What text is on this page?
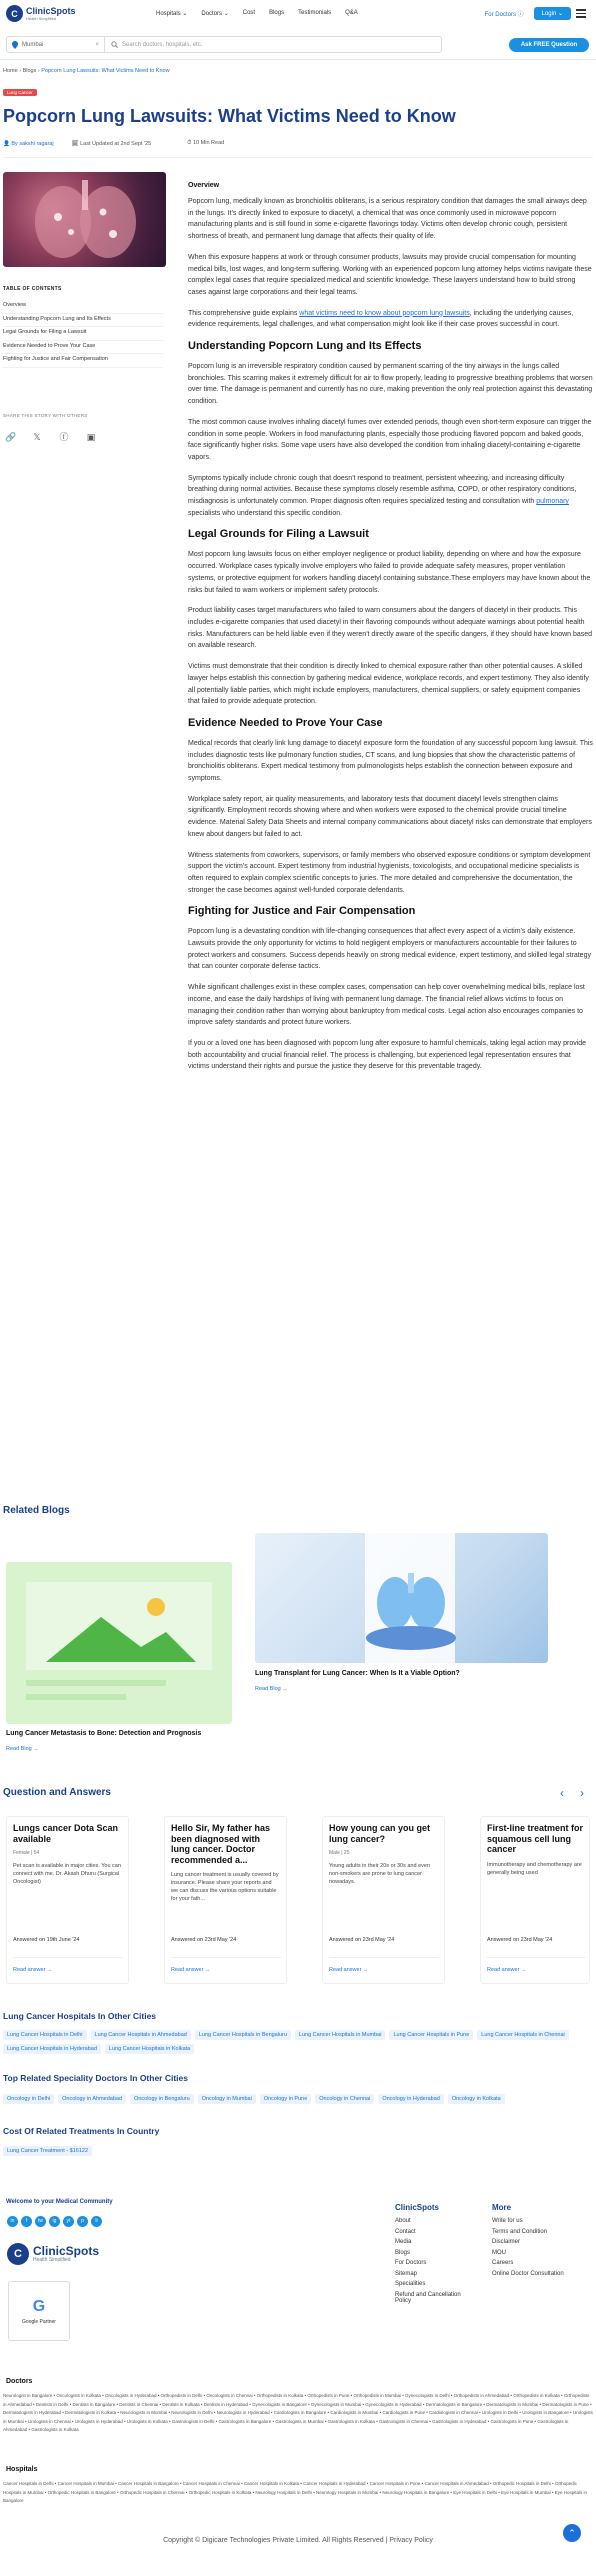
C ClinicSpots
Health Simplified
Hospitals ⌄ Doctors ⌄ Cost Blogs Testimonials Q&A	For Doctors ⓘ	Login ⌄
Mumbai	×	Search doctors, hospitals, etc.	Ask FREE Question
Home › Blogs › Popcorn Lung Lawsuits: What Victims Need to Know
Lung Cancer
Popcorn Lung Lawsuits: What Victims Need to Know
👤 By sakshi ragaraj	🗓 Last Updated at 2nd Sept '25	⏱ 10 Min Read
TABLE OF CONTENTS
Overview
Understanding Popcorn Lung and Its Effects
Legal Grounds for Filing a Lawsuit
Evidence Needed to Prove Your Case
Fighting for Justice and Fair Compensation
SHARE THIS STORY WITH OTHERS
🔗 𝕏 ⓕ ▣
Overview

Popcorn lung, medically known as bronchiolitis obliterans, is a serious respiratory condition that damages the small airways deep in the lungs. It's directly linked to exposure to diacetyl, a chemical that was once commonly used in microwave popcorn manufacturing plants and is still found in some e-cigarette flavorings today. Victims often develop chronic cough, persistent shortness of breath, and permanent lung damage that affects their quality of life.

When this exposure happens at work or through consumer products, lawsuits may provide crucial compensation for mounting medical bills, lost wages, and long-term suffering. Working with an experienced popcorn lung attorney helps victims navigate these complex legal cases that require specialized medical and scientific knowledge. These lawyers understand how to build strong cases against large corporations and their legal teams.

This comprehensive guide explains what victims need to know about popcorn lung lawsuits, including the underlying causes, evidence requirements, legal challenges, and what compensation might look like if their case proves successful in court.

Understanding Popcorn Lung and Its Effects

Popcorn lung is an irreversible respiratory condition caused by permanent scarring of the tiny airways in the lungs called bronchioles. This scarring makes it extremely difficult for air to flow properly, leading to progressive breathing problems that worsen over time. The damage is permanent and currently has no cure, making prevention the only real protection against this devastating condition.

The most common cause involves inhaling diacetyl fumes over extended periods, though even short-term exposure can trigger the condition in some people. Workers in food manufacturing plants, especially those producing flavored popcorn and baked goods, face significantly higher risks. Some vape users have also developed the condition from inhaling diacetyl-containing e-cigarette vapors.

Symptoms typically include chronic cough that doesn't respond to treatment, persistent wheezing, and increasing difficulty breathing during normal activities. Because these symptoms closely resemble asthma, COPD, or other respiratory conditions, misdiagnosis is unfortunately common. Proper diagnosis often requires specialized testing and consultation with pulmonary specialists who understand this specific condition.

Legal Grounds for Filing a Lawsuit

Most popcorn lung lawsuits focus on either employer negligence or product liability, depending on where and how the exposure occurred. Workplace cases typically involve employers who failed to provide adequate safety measures, proper ventilation systems, or protective equipment for workers handling diacetyl containing substance.These employers may have known about the risks but failed to warn workers or implement safety protocols.

Product liability cases target manufacturers who failed to warn consumers about the dangers of diacetyl in their products. This includes e-cigarette companies that used diacetyl in their flavoring compounds without adequate warnings about potential health risks. Manufacturers can be held liable even if they weren't directly aware of the specific dangers, if they should have known based on available research.

Victims must demonstrate that their condition is directly linked to chemical exposure rather than other potential causes. A skilled lawyer helps establish this connection by gathering medical evidence, workplace records, and expert testimony. They also identify all potentially liable parties, which might include employers, manufacturers, chemical suppliers, or safety equipment companies that failed to provide adequate protection.

Evidence Needed to Prove Your Case

Medical records that clearly link lung damage to diacetyl exposure form the foundation of any successful popcorn lung lawsuit. This includes diagnostic tests like pulmonary function studies, CT scans, and lung biopsies that show the characteristic patterns of bronchiolitis obliterans. Expert medical testimony from pulmonologists helps establish the connection between exposure and symptoms.

Workplace safety report, air quality measurements, and laboratory tests that document diacetyl levels strengthen claims significantly. Employment records showing where and when workers were exposed to the chemical provide crucial timeline evidence. Material Safety Data Sheets and internal company communications about diacetyl risks can demonstrate that employers knew about dangers but failed to act.

Witness statements from coworkers, supervisors, or family members who observed exposure conditions or symptom development support the victim's account. Expert testimony from industrial hygienists, toxicologists, and occupational medicine specialists is often required to explain complex scientific concepts to juries. The more detailed and comprehensive the documentation, the stronger the case becomes against well-funded corporate defendants.

Fighting for Justice and Fair Compensation

Popcorn lung is a devastating condition with life-changing consequences that affect every aspect of a victim's daily existence. Lawsuits provide the only opportunity for victims to hold negligent employers or manufacturers accountable for their failures to protect workers and consumers. Success depends heavily on strong medical evidence, expert testimony, and skilled legal strategy that can counter corporate defense tactics.

While significant challenges exist in these complex cases, compensation can help cover overwhelming medical bills, replace lost income, and ease the daily hardships of living with permanent lung damage. The financial relief allows victims to focus on managing their condition rather than worrying about bankruptcy from medical costs. Legal action also encourages companies to improve safety standards and protect future workers.

If you or a loved one has been diagnosed with popcorn lung after exposure to harmful chemicals, taking legal action may provide both accountability and crucial financial relief. The process is challenging, but experienced legal representation ensures that victims understand their rights and pursue the justice they deserve for this preventable tragedy.

Related Blogs
Lung Cancer Metastasis to Bone: Detection and Prognosis
Read Blog →
Lung Transplant for Lung Cancer: When Is It a Viable Option?
Read Blog →
Question and Answers	‹ ›
Lungs cancer Dota Scan available
Female | 54
Pet scan is available in major cities. You can connect with me. Dr. Akash Dhuru (Surgical Oncologist)
Answered on 19th June '24
Read answer →
Hello Sir, My father has been diagnosed with lung cancer. Doctor recommended a...
Lung cancer treatment is usually covered by insurance. Please share your reports and we can discuss the various options suitable for your fath...
Answered on 23rd May '24
Read answer →
How young can you get lung cancer?
Male | 25
Young adults in their 20s or 30s and even non-smokers are prone to lung cancer nowadays.
Answered on 23rd May '24
Read answer →
First-line treatment for squamous cell lung cancer
Immunotherapy and chemotherapy are generally being used
Answered on 23rd May '24
Read answer →
Lung Cancer Hospitals In Other Cities
Lung Cancer Hospitals in Delhi	Lung Cancer Hospitals in Ahmedabad	Lung Cancer Hospitals in Bengaluru	Lung Cancer Hospitals in Mumbai	Lung Cancer Hospitals in Pune	Lung Cancer Hospitals in Chennai
Lung Cancer Hospitals in Hyderabad	Lung Cancer Hospitals in Kolkata
Top Related Speciality Doctors In Other Cities
Oncology in Delhi	Oncology in Ahmedabad	Oncology in Bengaluru	Oncology in Mumbai	Oncology in Pune	Oncology in Chennai	Oncology in Hyderabad	Oncology in Kolkata
Cost Of Related Treatments In Country
Lung Cancer Treatment - $16122
Welcome to your Medical Community
in	f	tw	ig	yt	p	li
C ClinicSpots
Health Simplified
G
Google Partner
ClinicSpots
About
Contact
Media
Blogs
For Doctors
Sitemap
Specialities
Refund and Cancellation Policy
More
Write for us
Terms and Condition
Disclaimer
MOU
Careers
Online Doctor Consultation
Doctors
Neurologist in Bangalore • Oncologists in Kolkata • Oncologists in Hyderabad • Orthopedists in Delhi • Oncologists in Chennai • Orthopedists in Kolkata • Orthopedists in Pune • Orthopedists in Mumbai • Gynecologists in Delhi • Orthopedists in Ahmedabad • Orthopedists in Kolkata • Orthopedists in Ahmedabad • Dentists in Delhi • Dentists in Bangalore • Dentists in Chennai • Dentists in Kolkata • Dentists in Hyderabad • Gynecologists in Bangalore • Gynecologists in Mumbai • Gynecologists in Hyderabad • Dermatologists in Bangalore • Dermatologists in Mumbai • Dermatologists in Pune • Dermatologists in Hyderabad • Dermatologists in Kolkata • Neurologists in Mumbai • Neurologists in Delhi • Neurologists in Hyderabad • Cardiologists in Bangalore • Cardiologists in Mumbai • Cardiologists in Pune • Cardiologists in Chennai • Urologists in Delhi • Urologists in Bangalore • Urologists in Mumbai • Urologists in Chennai • Urologists in Hyderabad • Urologists in Kolkata • Gastrologists in Delhi • Gastrologists in Bangalore • Gastrologists in Mumbai • Gastrologists in Kolkata • Gastrologists in Chennai • Gastrologists in Hyderabad • Gastrologists in Pune • Gastrologists in Ahmedabad • Gastrologists in Kolkata
Hospitals
Cancer Hospitals in Delhi • Cancer Hospitals in Mumbai • Cancer Hospitals in Bangalore • Cancer Hospitals in Chennai • Cancer Hospitals in Kolkata • Cancer Hospitals in Hyderabad • Cancer Hospitals in Pune • Cancer Hospitals in Ahmedabad • Orthopedic Hospitals in Delhi • Orthopedic Hospitals in Mumbai • Orthopedic Hospitals in Bangalore • Orthopedic Hospitals in Chennai • Orthopedic Hospitals in Kolkata • Neurology Hospitals in Delhi • Neurology Hospitals in Mumbai • Neurology Hospitals in Bangalore • Eye Hospitals in Delhi • Eye Hospitals in Mumbai • Eye Hospitals in Bangalore
⌃
Copyright © Digicare Technologies Private Limited. All Rights Reserved | Privacy Policy
